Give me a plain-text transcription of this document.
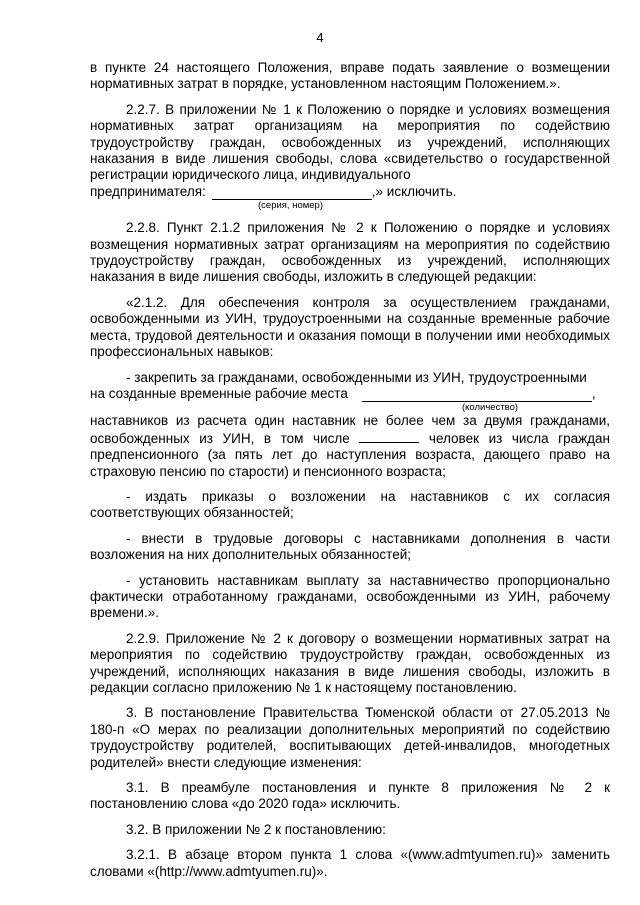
4

в пункте 24 настоящего Положения, вправе подать заявление о возмещении нормативных затрат в порядке, установленном настоящим Положением.».

2.2.7. В приложении № 1 к Положению о порядке и условиях возмещения нормативных затрат организациям на мероприятия по содействию трудоустройству граждан, освобожденных из учреждений, исполняющих наказания в виде лишения свободы, слова «свидетельство о государственной регистрации юридического лица, индивидуального

предпринимателя:	,» исключить.
(серия, номер)

2.2.8. Пункт 2.1.2 приложения № 2 к Положению о порядке и условиях возмещения нормативных затрат организациям на мероприятия по содействию трудоустройству граждан, освобожденных из учреждений, исполняющих наказания в виде лишения свободы, изложить в следующей редакции:

«2.1.2. Для обеспечения контроля за осуществлением гражданами, освобожденными из УИН, трудоустроенными на созданные временные рабочие места, трудовой деятельности и оказания помощи в получении ими необходимых профессиональных навыков:

- закрепить за гражданами, освобожденными из УИН, трудоустроенными

на созданные временные рабочие места	,
(количество)

наставников из расчета один наставник не более чем за двумя гражданами, освобожденных из УИН, в том числе	человек из числа граждан предпенсионного (за пять лет до наступления возраста, дающего право на страховую пенсию по старости) и пенсионного возраста;

- издать приказы о возложении на наставников с их согласия соответствующих обязанностей;

- внести в трудовые договоры с наставниками дополнения в части возложения на них дополнительных обязанностей;

- установить наставникам выплату за наставничество пропорционально фактически отработанному гражданами, освобожденными из УИН, рабочему времени.».

2.2.9. Приложение № 2 к договору о возмещении нормативных затрат на мероприятия по содействию трудоустройству граждан, освобожденных из учреждений, исполняющих наказания в виде лишения свободы, изложить в редакции согласно приложению № 1 к настоящему постановлению.

3. В постановление Правительства Тюменской области от 27.05.2013 № 180-п «О мерах по реализации дополнительных мероприятий по содействию трудоустройству родителей, воспитывающих детей-инвалидов, многодетных родителей» внести следующие изменения:

3.1. В преамбуле постановления и пункте 8 приложения № 2 к постановлению слова «до 2020 года» исключить.

3.2. В приложении № 2 к постановлению:

3.2.1. В абзаце втором пункта 1 слова «(www.admtyumen.ru)» заменить словами «(http://www.admtyumen.ru)».
